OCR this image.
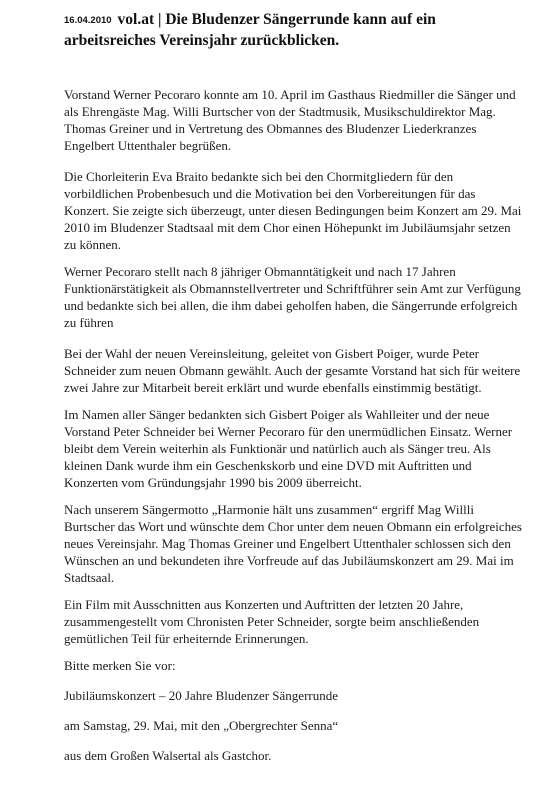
16.04.2010 vol.at | Die Bludenzer Sängerrunde kann auf ein arbeitsreiches Vereinsjahr zurückblicken.

Vorstand Werner Pecoraro konnte am 10. April im Gasthaus Riedmiller die Sänger und als Ehrengäste Mag. Willi Burtscher von der Stadtmusik, Musikschuldirektor Mag. Thomas Greiner und in Vertretung des Obmannes des Bludenzer Liederkranzes Engelbert Uttenthaler begrüßen.

Die Chorleiterin Eva Braito bedankte sich bei den Chormitgliedern für den vorbildlichen Probenbesuch und die Motivation bei den Vorbereitungen für das Konzert. Sie zeigte sich überzeugt, unter diesen Bedingungen beim Konzert am 29. Mai 2010 im Bludenzer Stadtsaal mit dem Chor einen Höhepunkt im Jubiläumsjahr setzen zu können.

Werner Pecoraro stellt nach 8 jähriger Obmanntätigkeit und nach 17 Jahren Funktionärstätigkeit als Obmannstellvertreter und Schriftführer sein Amt zur Verfügung und bedankte sich bei allen, die ihm dabei geholfen haben, die Sängerrunde erfolgreich zu führen

Bei der Wahl der neuen Vereinsleitung, geleitet von Gisbert Poiger, wurde Peter Schneider zum neuen Obmann gewählt. Auch der gesamte Vorstand hat sich für weitere zwei Jahre zur Mitarbeit bereit erklärt und wurde ebenfalls einstimmig bestätigt.

Im Namen aller Sänger bedankten sich Gisbert Poiger als Wahlleiter und der neue Vorstand Peter Schneider bei Werner Pecoraro für den unermüdlichen Einsatz. Werner bleibt dem Verein weiterhin als Funktionär und natürlich auch als Sänger treu. Als kleinen Dank wurde ihm ein Geschenkskorb und eine DVD mit Auftritten und Konzerten vom Gründungsjahr 1990 bis 2009 überreicht.

Nach unserem Sängermotto „Harmonie hält uns zusammen“ ergriff Mag Willli Burtscher das Wort und wünschte dem Chor unter dem neuen Obmann ein erfolgreiches neues Vereinsjahr. Mag Thomas Greiner und Engelbert Uttenthaler schlossen sich den Wünschen an und bekundeten ihre Vorfreude auf das Jubiläumskonzert am 29. Mai im Stadtsaal.

Ein Film mit Ausschnitten aus Konzerten und Auftritten der letzten 20 Jahre, zusammengestellt vom Chronisten Peter Schneider, sorgte beim anschließenden gemütlichen Teil für erheiternde Erinnerungen.

Bitte merken Sie vor:

Jubiläumskonzert – 20 Jahre Bludenzer Sängerrunde

am Samstag, 29. Mai, mit den „Obergrechter Senna“

aus dem Großen Walsertal als Gastchor.
